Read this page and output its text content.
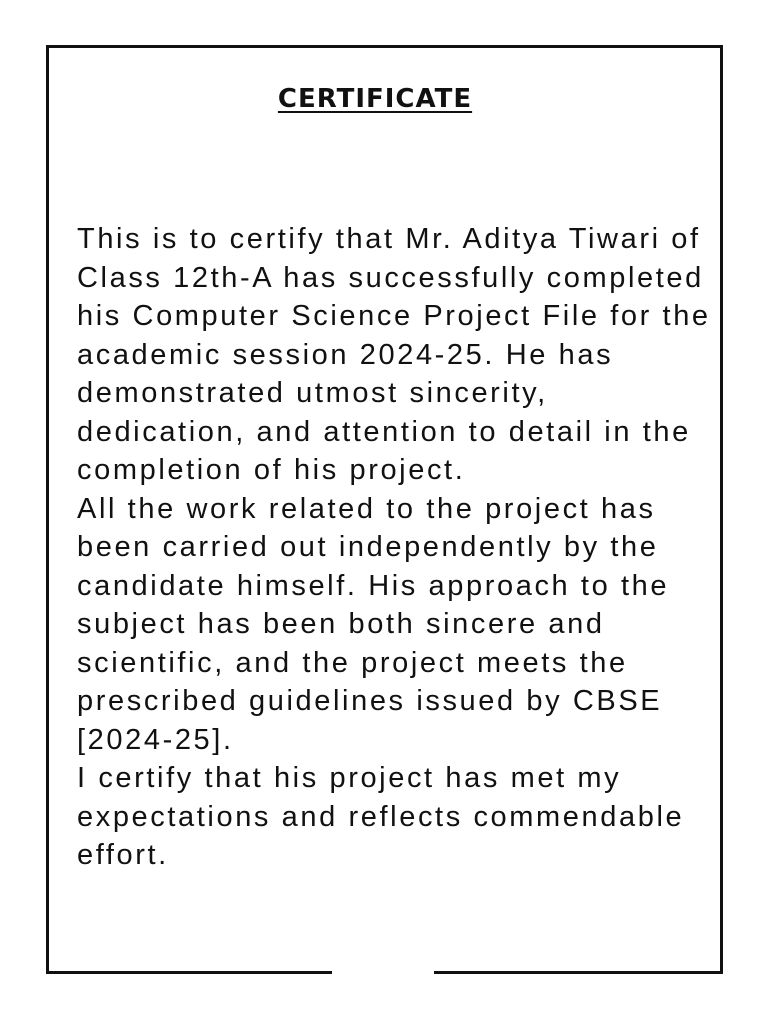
CERTIFICATE

This is to certify that Mr. Aditya Tiwari of Class 12th-A has successfully completed his Computer Science Project File for the academic session 2024-25. He has demonstrated utmost sincerity, dedication, and attention to detail in the completion of his project.

All the work related to the project has been carried out independently by the candidate himself. His approach to the subject has been both sincere and scientific, and the project meets the prescribed guidelines issued by CBSE [2024-25].

I certify that his project has met my expectations and reflects commendable effort.
